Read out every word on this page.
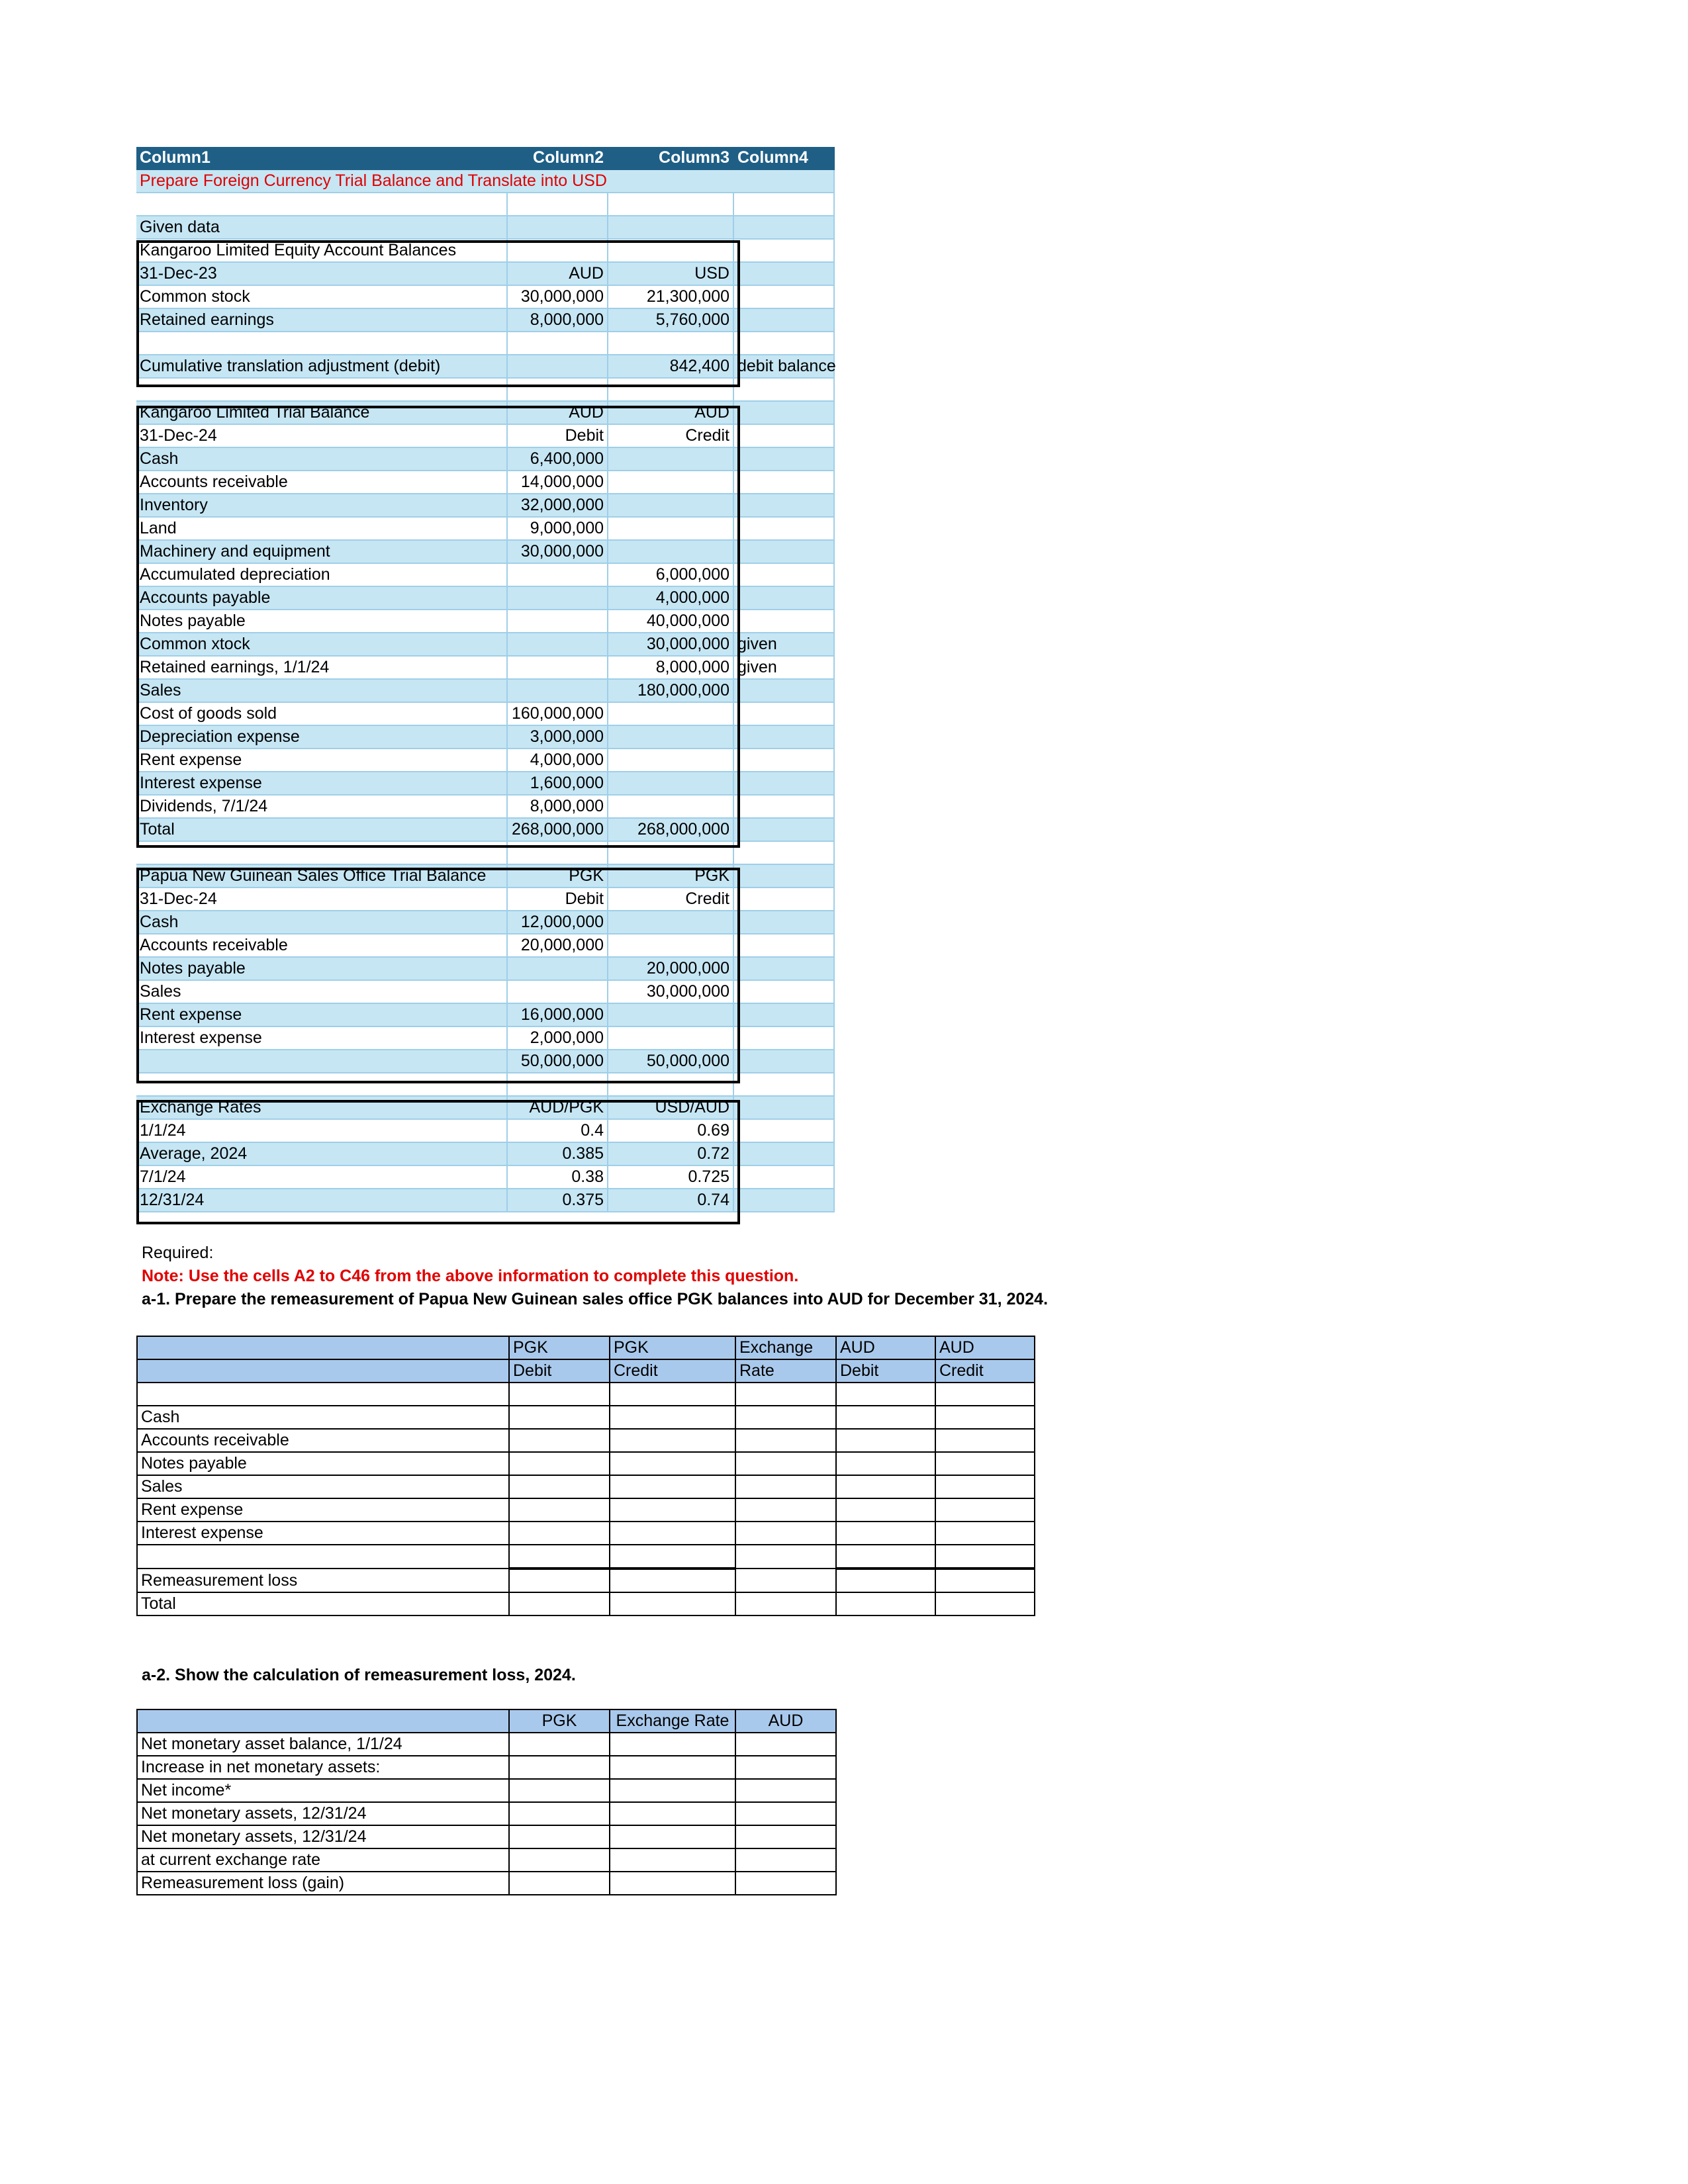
Column1	Column2	Column3	Column4
Prepare Foreign Currency Trial Balance and Translate into USD			

Given data			
Kangaroo Limited Equity Account Balances			
31-Dec-23	AUD	USD	
Common stock	30,000,000	21,300,000	
Retained earnings	8,000,000	5,760,000	

Cumulative translation adjustment (debit)		842,400	debit balance

Kangaroo Limited Trial Balance	AUD	AUD	
31-Dec-24	Debit	Credit	
Cash	6,400,000		
Accounts receivable	14,000,000		
Inventory	32,000,000		
Land	9,000,000		
Machinery and equipment	30,000,000		
Accumulated depreciation		6,000,000	
Accounts payable		4,000,000	
Notes payable		40,000,000	
Common xtock		30,000,000	given
Retained earnings, 1/1/24		8,000,000	given
Sales		180,000,000	
Cost of goods sold	160,000,000		
Depreciation expense	3,000,000		
Rent expense	4,000,000		
Interest expense	1,600,000		
Dividends, 7/1/24	8,000,000		
Total	268,000,000	268,000,000	

Papua New Guinean Sales Office Trial Balance	PGK	PGK	
31-Dec-24	Debit	Credit	
Cash	12,000,000		
Accounts receivable	20,000,000		
Notes payable		20,000,000	
Sales		30,000,000	
Rent expense	16,000,000		
Interest expense	2,000,000		
	50,000,000	50,000,000	

Exchange Rates	AUD/PGK	USD/AUD	
1/1/24	0.4	0.69	
Average, 2024	0.385	0.72	
7/1/24	0.38	0.725	
12/31/24	0.375	0.74	
Required:
Note: Use the cells A2 to C46 from the above information to complete this question.
a-1. Prepare the remeasurement of Papua New Guinean sales office PGK balances into AUD for December 31, 2024.
	PGK	PGK	Exchange	AUD	AUD
	Debit	Credit	Rate	Debit	Credit

Cash					
Accounts receivable					
Notes payable					
Sales					
Rent expense					
Interest expense					

Remeasurement loss					
Total					
a-2. Show the calculation of remeasurement loss, 2024.
	PGK	Exchange Rate	AUD
Net monetary asset balance, 1/1/24			
Increase in net monetary assets:			
Net income*			
Net monetary assets, 12/31/24			
Net monetary assets, 12/31/24			
at current exchange rate			
Remeasurement loss (gain)			
